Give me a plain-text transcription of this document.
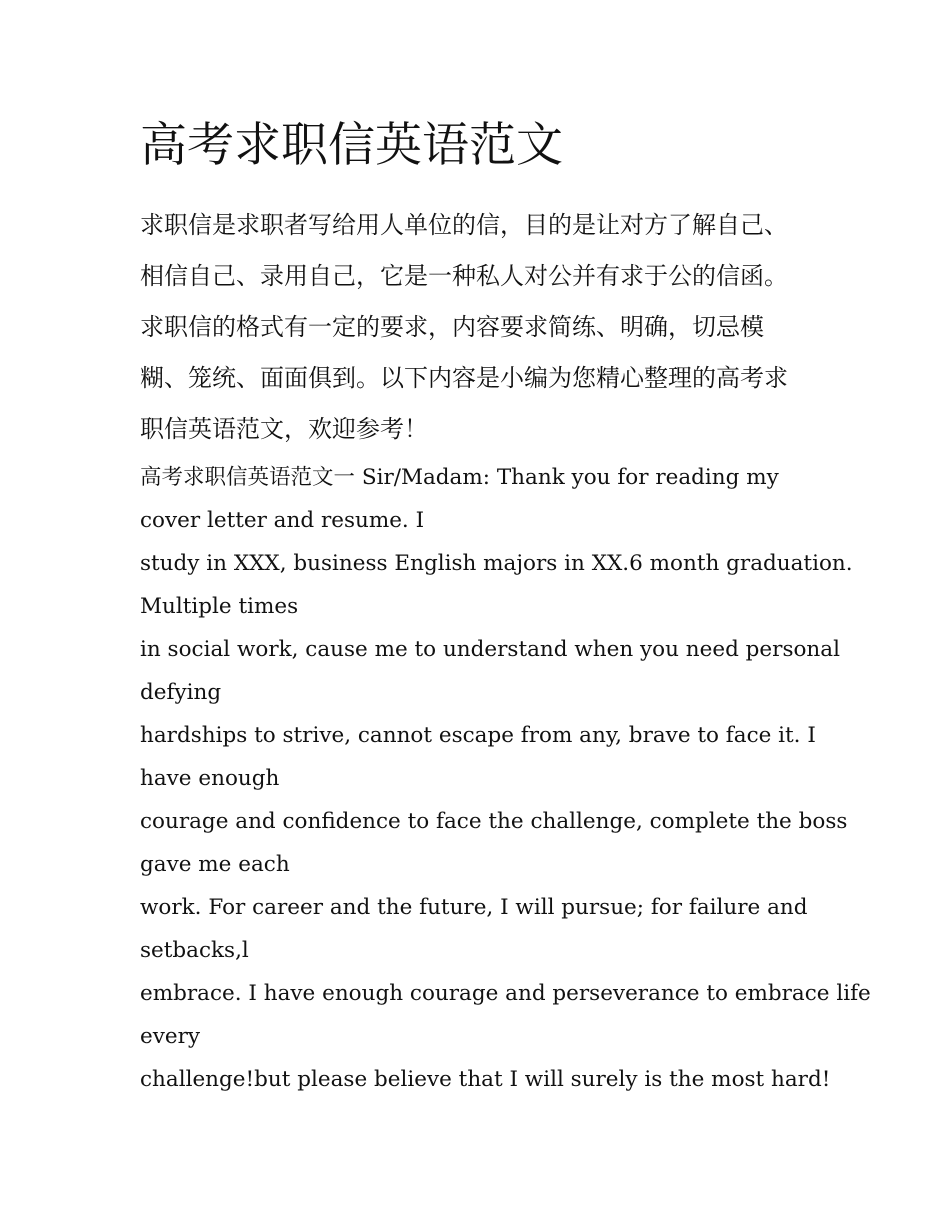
高考求职信英语范文

求职信是求职者写给用人单位的信，目的是让对方了解自己、
相信自己、录用自己，它是一种私人对公并有求于公的信函。
求职信的格式有一定的要求，内容要求简练、明确，切忌模
糊、笼统、面面俱到。以下内容是小编为您精心整理的高考求
职信英语范文，欢迎参考！

高考求职信英语范文一 Sir/Madam: Thank you for reading my
cover letter and resume. I
study in XXX, business English majors in XX.6 month graduation.
Multiple times
in social work, cause me to understand when you need personal
defying
hardships to strive, cannot escape from any, brave to face it. I
have enough
courage and confidence to face the challenge, complete the boss
gave me each
work. For career and the future, I will pursue; for failure and
setbacks,l
embrace. I have enough courage and perseverance to embrace life
every
challenge!but please believe that I will surely is the most hard!
